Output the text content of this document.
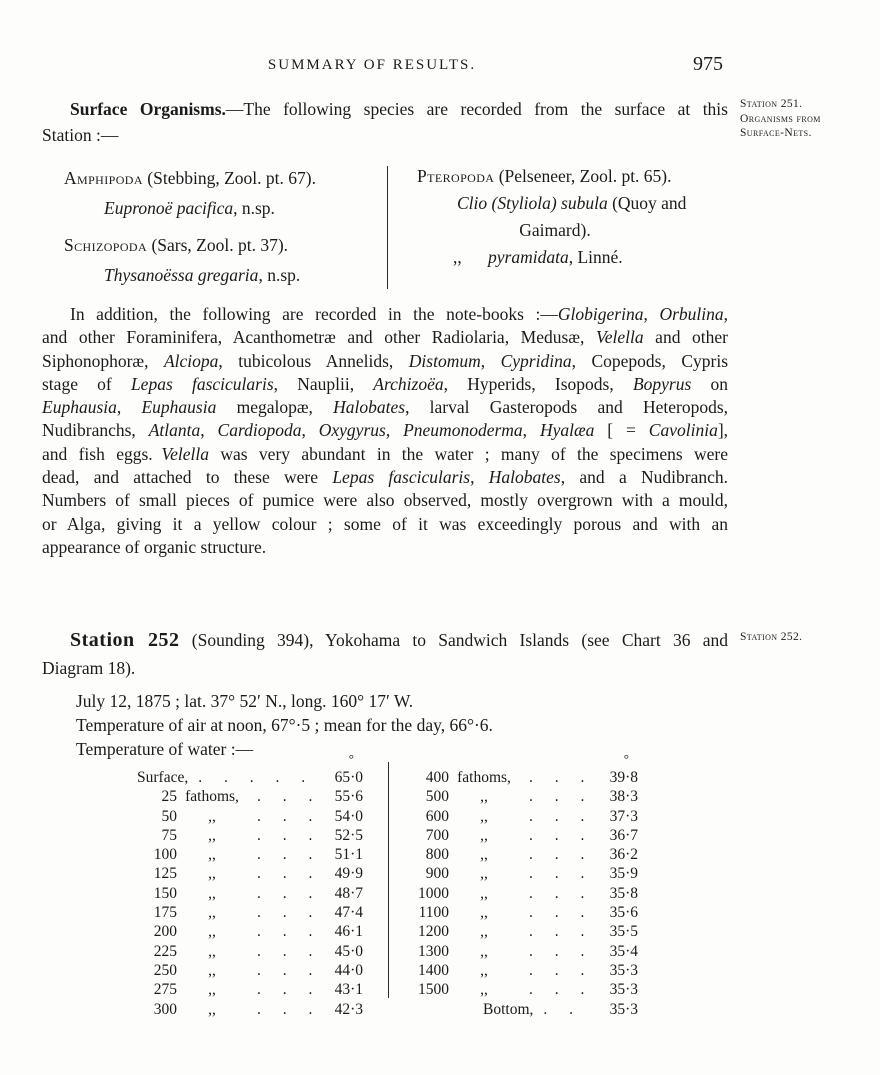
SUMMARY OF RESULTS.	975
Station 251.
Organisms from
Surface-Nets.
Station 252.
Surface Organisms.—The following species are recorded from the surface at this
Station :—
Amphipoda (Stebbing, Zool. pt. 67).
Eupronoë pacifica, n.sp.
Schizopoda (Sars, Zool. pt. 37).
Thysanoëssa gregaria, n.sp.
Pteropoda (Pelseneer, Zool. pt. 65).
Clio (Styliola) subula (Quoy and
Gaimard).
,,  pyramidata, Linné.
In addition, the following are recorded in the note-books :—Globigerina, Orbulina,
and other Foraminifera, Acanthometræ and other Radiolaria, Medusæ, Velella and other
Siphonophoræ, Alciopa, tubicolous Annelids, Distomum, Cypridina, Copepods, Cypris
stage of Lepas fascicularis, Nauplii, Archizoëa, Hyperids, Isopods, Bopyrus on
Euphausia, Euphausia megalopæ, Halobates, larval Gasteropods and Heteropods,
Nudibranchs, Atlanta, Cardiopoda, Oxygyrus, Pneumonoderma, Hyalæa [ = Cavolinia],
and fish eggs. Velella was very abundant in the water ; many of the specimens were
dead, and attached to these were Lepas fascicularis, Halobates, and a Nudibranch.
Numbers of small pieces of pumice were also observed, mostly overgrown with a mould,
or Alga, giving it a yellow colour ; some of it was exceedingly porous and with an
appearance of organic structure.
Station 252 (Sounding 394), Yokohama to Sandwich Islands (see Chart 36 and
Diagram 18).
July 12, 1875 ; lat. 37° 52′ N., long. 160° 17′ W.
Temperature of air at noon, 67°·5 ; mean for the day, 66°·6.
Temperature of water :—	°
Surface, . . .	65·0
25 fathoms, . . .	55·6
50	,, . . .	54·0
75	,, . . .	52·5
100	,, . . .	51·1
125	,, . . .	49·9
150	,, . . .	48·7
175	,, . . .	47·4
200	,, . . .	46·1
225	,, . . .	45·0
250	,, . . .	44·0
275	,, . . .	43·1
300	,, . . .	42·3
°
400 fathoms, . . .	39·8
500	,, . . .	38·3
600	,, . . .	37·3
700	,, . . .	36·7
800	,, . . .	36·2
900	,, . . .	35·9
1000	,, . . .	35·8
1100	,, . . .	35·6
1200	,, . . .	35·5
1300	,, . . .	35·4
1400	,, . . .	35·3
1500	,, . . .	35·3
Bottom, . . .	35·3
